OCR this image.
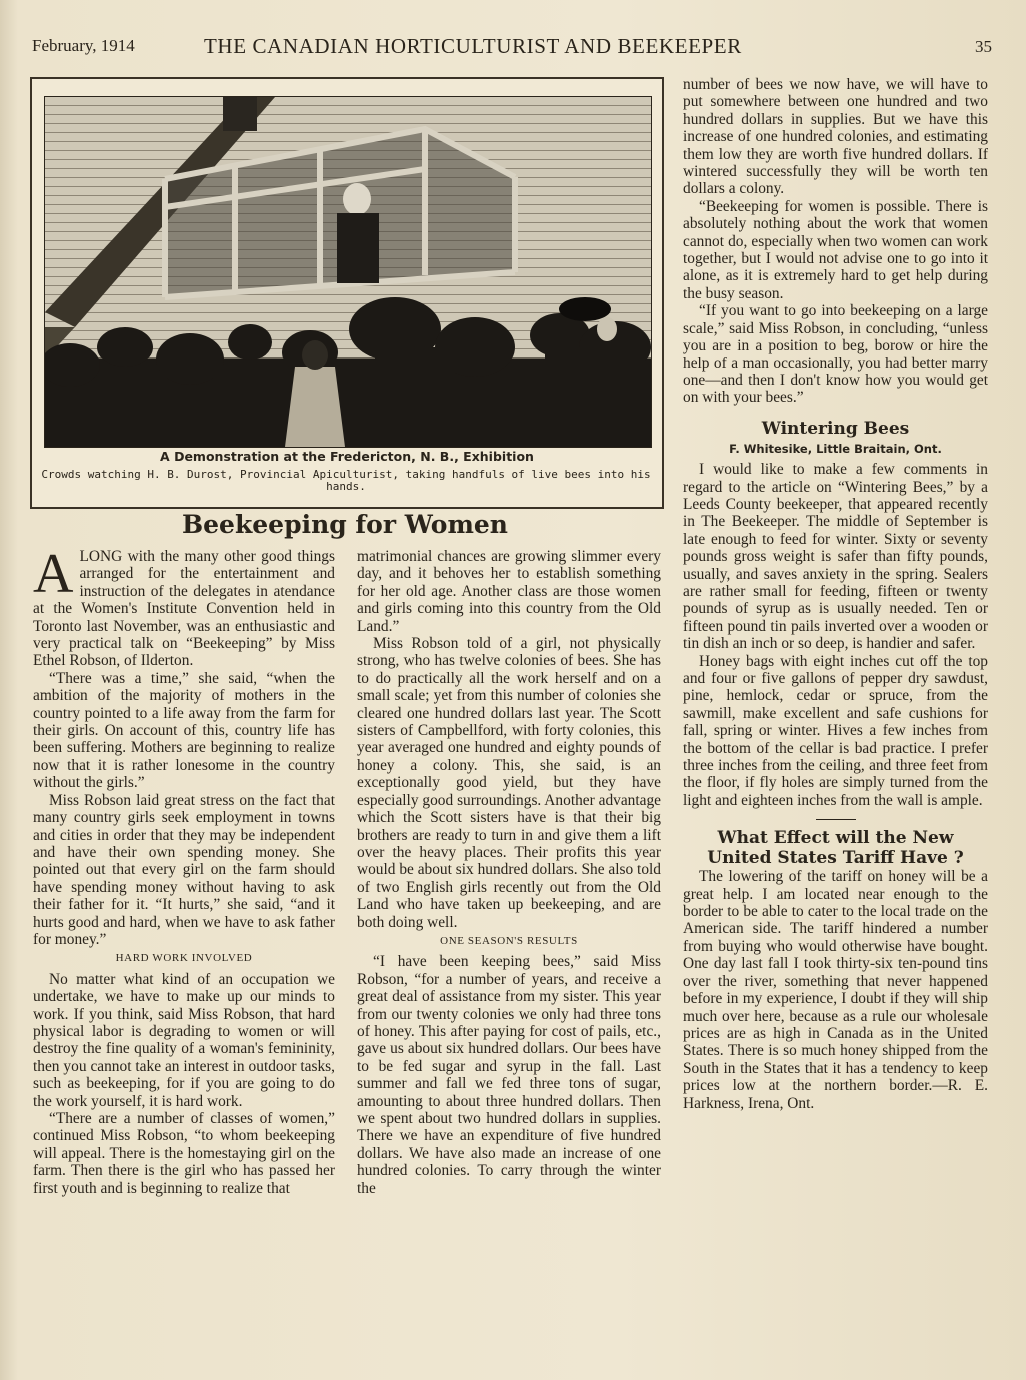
February, 1914	THE CANADIAN HORTICULTURIST AND BEEKEEPER	35
A Demonstration at the Fredericton, N. B., Exhibition
Crowds watching H. B. Durost, Provincial Apiculturist, taking handfuls of live bees into his hands.
Beekeeping for Women

ALONG with the many other good things arranged for the entertainment and instruction of the delegates in atendance at the Women's Institute Convention held in Toronto last November, was an enthusiastic and very practical talk on “Beekeeping” by Miss Ethel Robson, of Ilderton.

“There was a time,” she said, “when the ambition of the majority of mothers in the country pointed to a life away from the farm for their girls. On account of this, country life has been suffering. Mothers are beginning to realize now that it is rather lonesome in the country without the girls.”

Miss Robson laid great stress on the fact that many country girls seek employment in towns and cities in order that they may be independent and have their own spending money. She pointed out that every girl on the farm should have spending money without having to ask their father for it. “It hurts,” she said, “and it hurts good and hard, when we have to ask father for money.”

HARD WORK INVOLVED

No matter what kind of an occupation we undertake, we have to make up our minds to work. If you think, said Miss Robson, that hard physical labor is degrading to women or will destroy the fine quality of a woman's femininity, then you cannot take an interest in outdoor tasks, such as beekeeping, for if you are going to do the work yourself, it is hard work.

“There are a number of classes of women,” continued Miss Robson, “to whom beekeeping will appeal. There is the homestaying girl on the farm. Then there is the girl who has passed her first youth and is beginning to realize that

matrimonial chances are growing slimmer every day, and it behoves her to establish something for her old age. Another class are those women and girls coming into this country from the Old Land.”

Miss Robson told of a girl, not physically strong, who has twelve colonies of bees. She has to do practically all the work herself and on a small scale; yet from this number of colonies she cleared one hundred dollars last year. The Scott sisters of Campbellford, with forty colonies, this year averaged one hundred and eighty pounds of honey a colony. This, she said, is an exceptionally good yield, but they have especially good surroundings. Another advantage which the Scott sisters have is that their big brothers are ready to turn in and give them a lift over the heavy places. Their profits this year would be about six hundred dollars. She also told of two English girls recently out from the Old Land who have taken up beekeeping, and are both doing well.

ONE SEASON'S RESULTS

“I have been keeping bees,” said Miss Robson, “for a number of years, and receive a great deal of assistance from my sister. This year from our twenty colonies we only had three tons of honey. This after paying for cost of pails, etc., gave us about six hundred dollars. Our bees have to be fed sugar and syrup in the fall. Last summer and fall we fed three tons of sugar, amounting to about three hundred dollars. Then we spent about two hundred dollars in supplies. There we have an expenditure of five hundred dollars. We have also made an increase of one hundred colonies. To carry through the winter the

number of bees we now have, we will have to put somewhere between one hundred and two hundred dollars in supplies. But we have this increase of one hundred colonies, and estimating them low they are worth five hundred dollars. If wintered successfully they will be worth ten dollars a colony.

“Beekeeping for women is possible. There is absolutely nothing about the work that women cannot do, especially when two women can work together, but I would not advise one to go into it alone, as it is extremely hard to get help during the busy season.

“If you want to go into beekeeping on a large scale,” said Miss Robson, in concluding, “unless you are in a position to beg, borow or hire the help of a man occasionally, you had better marry one—and then I don't know how you would get on with your bees.”

Wintering Bees
F. Whitesike, Little Braitain, Ont.

I would like to make a few comments in regard to the article on “Wintering Bees,” by a Leeds County beekeeper, that appeared recently in The Beekeeper. The middle of September is late enough to feed for winter. Sixty or seventy pounds gross weight is safer than fifty pounds, usually, and saves anxiety in the spring. Sealers are rather small for feeding, fifteen or twenty pounds of syrup as is usually needed. Ten or fifteen pound tin pails inverted over a wooden or tin dish an inch or so deep, is handier and safer.

Honey bags with eight inches cut off the top and four or five gallons of pepper dry sawdust, pine, hemlock, cedar or spruce, from the sawmill, make excellent and safe cushions for fall, spring or winter. Hives a few inches from the bottom of the cellar is bad practice. I prefer three inches from the ceiling, and three feet from the floor, if fly holes are simply turned from the light and eighteen inches from the wall is ample.

What Effect will the New
United States Tariff Have ?

The lowering of the tariff on honey will be a great help. I am located near enough to the border to be able to cater to the local trade on the American side. The tariff hindered a number from buying who would otherwise have bought. One day last fall I took thirty-six ten-pound tins over the river, something that never happened before in my experience, I doubt if they will ship much over here, because as a rule our wholesale prices are as high in Canada as in the United States. There is so much honey shipped from the South in the States that it has a tendency to keep prices low at the northern border.—R. E. Harkness, Irena, Ont.
